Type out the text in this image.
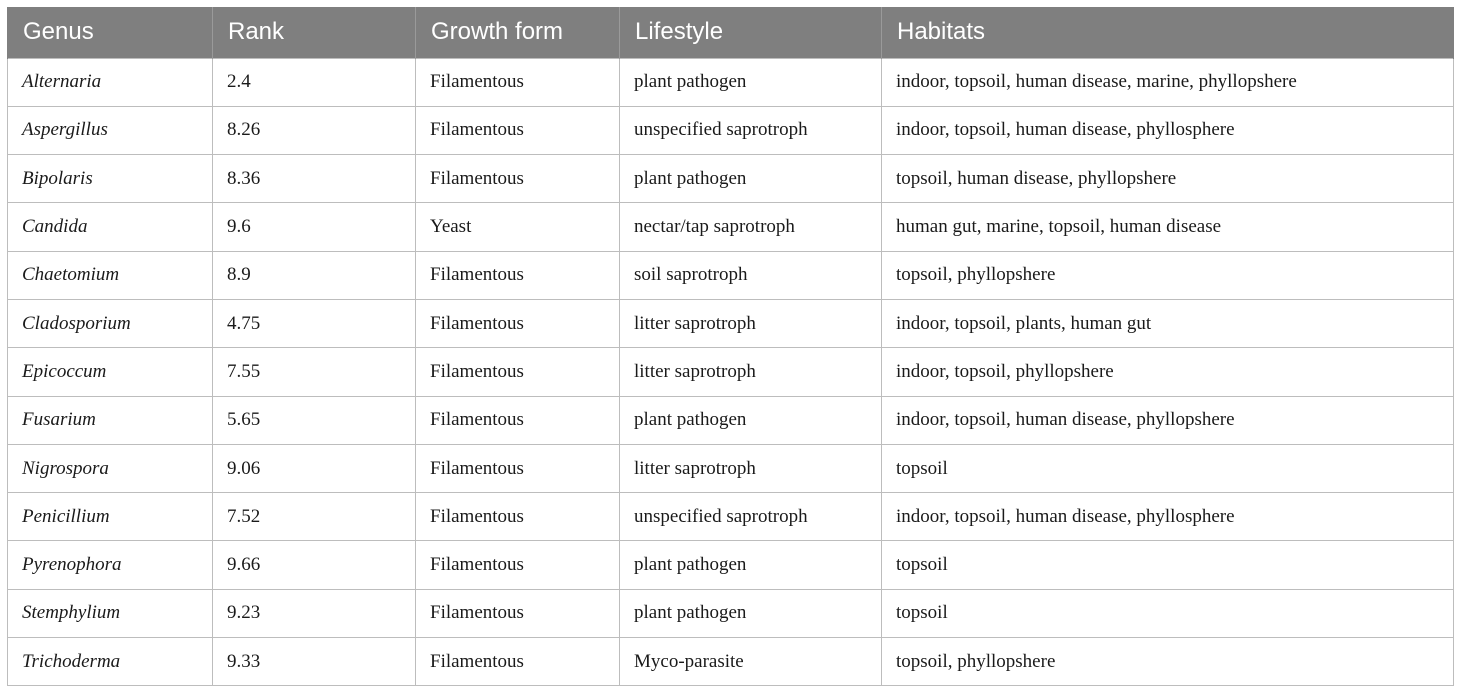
Genus	Rank	Growth form	Lifestyle	Habitats
Alternaria	2.4	Filamentous	plant pathogen	indoor, topsoil, human disease, marine, phyllopshere
Aspergillus	8.26	Filamentous	unspecified saprotroph	indoor, topsoil, human disease, phyllosphere
Bipolaris	8.36	Filamentous	plant pathogen	topsoil, human disease, phyllopshere
Candida	9.6	Yeast	nectar/tap saprotroph	human gut, marine, topsoil, human disease
Chaetomium	8.9	Filamentous	soil saprotroph	topsoil, phyllopshere
Cladosporium	4.75	Filamentous	litter saprotroph	indoor, topsoil, plants, human gut
Epicoccum	7.55	Filamentous	litter saprotroph	indoor, topsoil, phyllopshere
Fusarium	5.65	Filamentous	plant pathogen	indoor, topsoil, human disease, phyllopshere
Nigrospora	9.06	Filamentous	litter saprotroph	topsoil
Penicillium	7.52	Filamentous	unspecified saprotroph	indoor, topsoil, human disease, phyllosphere
Pyrenophora	9.66	Filamentous	plant pathogen	topsoil
Stemphylium	9.23	Filamentous	plant pathogen	topsoil
Trichoderma	9.33	Filamentous	Myco-parasite	topsoil, phyllopshere
